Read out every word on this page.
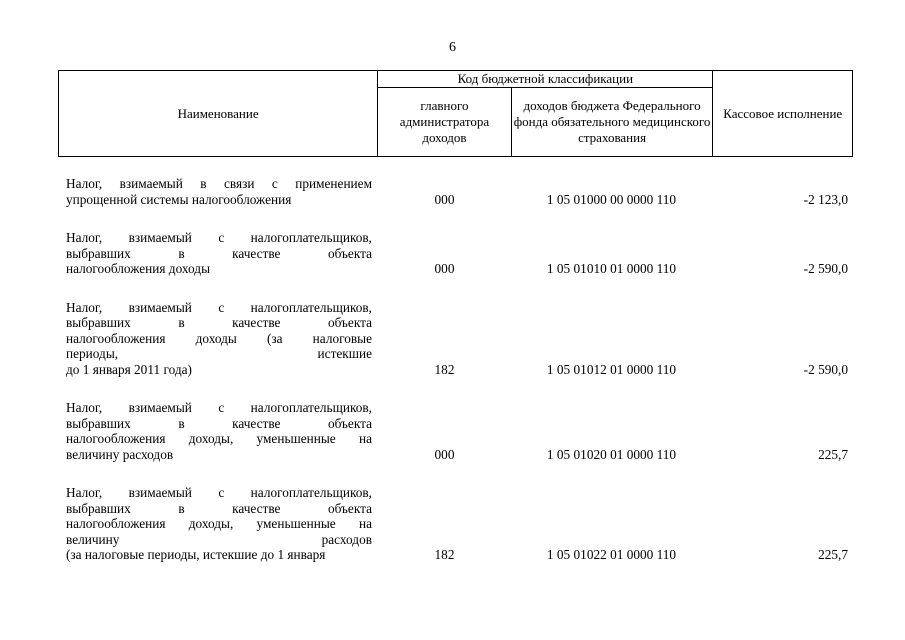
6
Наименование	Код бюджетной классификации		Кассовое исполнение
	главного администратора доходов	доходов бюджета Федерального фонда обязательного медицинского страхования	
Налог, взимаемый в связи с применением
упрощенной системы налогообложения	000	1 05 01000 00 0000 110	-2 123,0
Налог, взимаемый с налогоплательщиков,
выбравших в качестве объекта
налогообложения доходы	000	1 05 01010 01 0000 110	-2 590,0
Налог, взимаемый с налогоплательщиков,
выбравших в качестве объекта
налогообложения доходы (за налоговые
периоды, истекшие
до 1 января 2011 года)	182	1 05 01012 01 0000 110	-2 590,0
Налог, взимаемый с налогоплательщиков,
выбравших в качестве объекта
налогообложения доходы, уменьшенные на
величину расходов	000	1 05 01020 01 0000 110	225,7
Налог, взимаемый с налогоплательщиков,
выбравших в качестве объекта
налогообложения доходы, уменьшенные на
величину расходов
(за налоговые периоды, истекшие до 1 января	182	1 05 01022 01 0000 110	225,7
